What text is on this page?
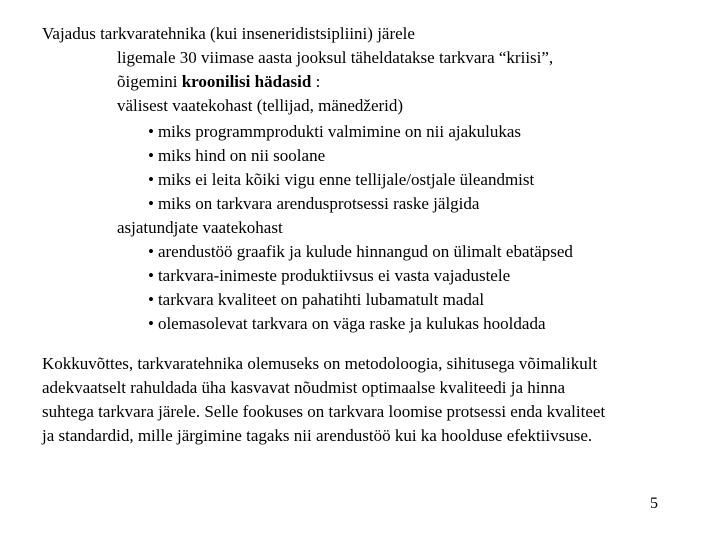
Vajadus tarkvaratehnika (kui inseneridistsipliini) järele
ligemale 30 viimase aasta jooksul täheldatakse tarkvara “kriisi”,
õigemini kroonilisi hädasid :
välisest vaatekohast (tellijad, mänedžerid)
• miks programmprodukti valmimine on nii ajakulukas
• miks hind on nii soolane
• miks ei leita kõiki vigu enne tellijale/ostjale üleandmist
• miks on tarkvara arendusprotsessi raske jälgida
asjatundjate vaatekohast
• arendustöö graafik ja kulude hinnangud on ülimalt ebatäpsed
• tarkvara-inimeste produktiivsus ei vasta vajadustele
• tarkvara kvaliteet on pahatihti lubamatult madal
• olemasolevat tarkvara on väga raske ja kulukas hooldada
Kokkuvõttes, tarkvaratehnika olemuseks on metodoloogia, sihitusega võimalikult
adekvaatselt rahuldada üha kasvavat nõudmist optimaalse kvaliteedi ja hinna
suhtega tarkvara järele. Selle fookuses on tarkvara loomise protsessi enda kvaliteet
ja standardid, mille järgimine tagaks nii arendustöö kui ka hoolduse efektiivsuse.
5
